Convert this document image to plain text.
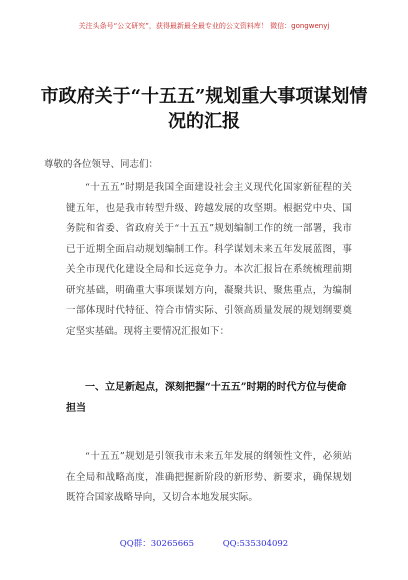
关注头条号“公文研究”，获得最新最全最专业的公文资料库！ 微信：gongwenyj
市政府关于“十五五”规划重大事项谋划情况的汇报

尊敬的各位领导、同志们：

“十五五”时期是我国全面建设社会主义现代化国家新征程的关键五年，也是我市转型升级、跨越发展的攻坚期。根据党中央、国务院和省委、省政府关于“十五五”规划编制工作的统一部署，我市已于近期全面启动规划编制工作。科学谋划未来五年发展蓝图，事关全市现代化建设全局和长远竞争力。本次汇报旨在系统梳理前期研究基础，明确重大事项谋划方向，凝聚共识、聚焦重点，为编制一部体现时代特征、符合市情实际、引领高质量发展的规划纲要奠定坚实基础。现将主要情况汇报如下：

一、立足新起点，深刻把握“十五五”时期的时代方位与使命担当

“十五五”规划是引领我市未来五年发展的纲领性文件，必须站在全局和战略高度，准确把握新阶段的新形势、新要求，确保规划既符合国家战略导向，又切合本地发展实际。

QQ群：30265665	QQ:535304092
